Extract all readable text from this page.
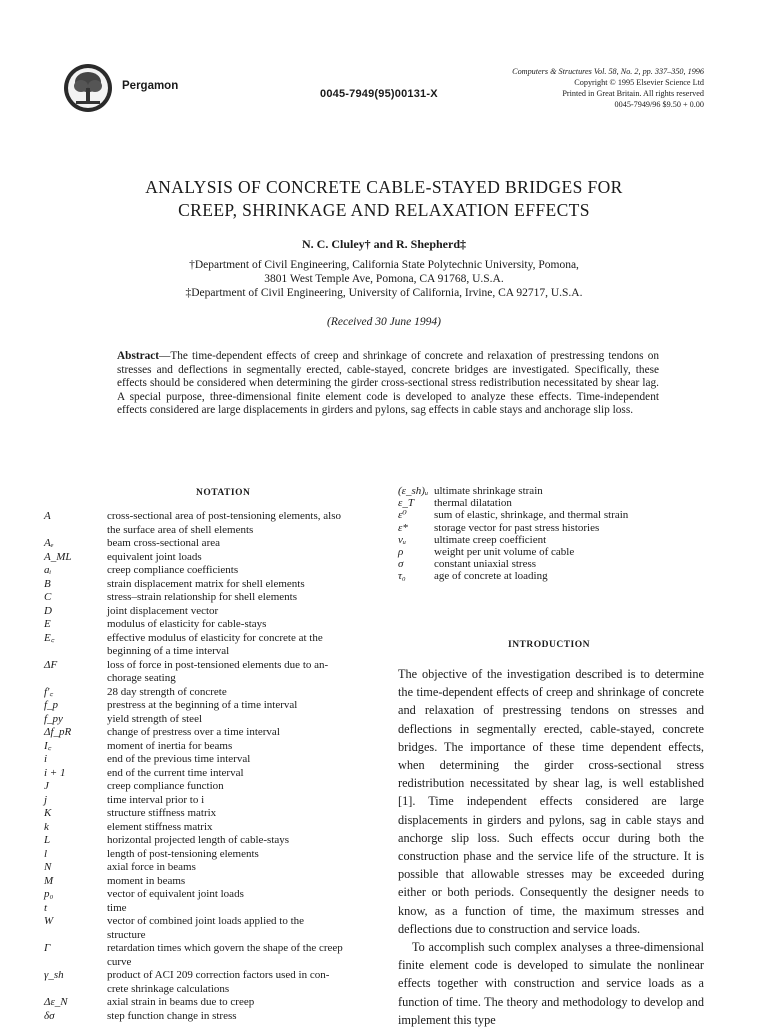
Pergamon
0045-7949(95)00131-X
Computers & Structures Vol. 58, No. 2, pp. 337–350, 1996
Copyright © 1995 Elsevier Science Ltd
Printed in Great Britain. All rights reserved
0045-7949/96 $9.50 + 0.00
ANALYSIS OF CONCRETE CABLE-STAYED BRIDGES FOR
CREEP, SHRINKAGE AND RELAXATION EFFECTS
N. C. Cluley† and R. Shepherd‡
†Department of Civil Engineering, California State Polytechnic University, Pomona,
3801 West Temple Ave, Pomona, CA 91768, U.S.A.
‡Department of Civil Engineering, University of California, Irvine, CA 92717, U.S.A.
(Received 30 June 1994)
Abstract—The time-dependent effects of creep and shrinkage of concrete and relaxation of prestressing tendons on stresses and deflections in segmentally erected, cable-stayed, concrete bridges are investigated. Specifically, these effects should be considered when determining the girder cross-sectional stress redistribution necessitated by shear lag. A special purpose, three-dimensional finite element code is developed to analyze these effects. Time-independent effects considered are large displacements in girders and pylons, sag effects in cable stays and anchorage slip loss.
NOTATION
A	cross-sectional area of post-tensioning elements, also
the surface area of shell elements
Aₑ	beam cross-sectional area
A_ML	equivalent joint loads
aᵢ	creep compliance coefficients
B	strain displacement matrix for shell elements
C	stress–strain relationship for shell elements
D	joint displacement vector
E	modulus of elasticity for cable-stays
E꜀	effective modulus of elasticity for concrete at the
beginning of a time interval
ΔF	loss of force in post-tensioned elements due to an-
chorage seating
f'꜀	28 day strength of concrete
f_p	prestress at the beginning of a time interval
f_py	yield strength of steel
Δf_pR	change of prestress over a time interval
I꜀	moment of inertia for beams
i	end of the previous time interval
i + 1	end of the current time interval
J	creep compliance function
j	time interval prior to i
K	structure stiffness matrix
k	element stiffness matrix
L	horizontal projected length of cable-stays
l	length of post-tensioning elements
N	axial force in beams
M	moment in beams
p₀	vector of equivalent joint loads
t	time
W	vector of combined joint loads applied to the
structure
Γ	retardation times which govern the shape of the creep
curve
γ_sh	product of ACI 209 correction factors used in con-
crete shrinkage calculations
Δε_N	axial strain in beams due to creep
δσ	step function change in stress
(ε_sh)ᵤ ultimate shrinkage strain
ε_T	thermal dilatation
ε⁰	sum of elastic, shrinkage, and thermal strain
ε*	storage vector for past stress histories
νᵤ	ultimate creep coefficient
ρ	weight per unit volume of cable
σ	constant uniaxial stress
τ₀	age of concrete at loading
INTRODUCTION

The objective of the investigation described is to determine the time-dependent effects of creep and shrinkage of concrete and relaxation of prestressing tendons on stresses and deflections in segmentally erected, cable-stayed, concrete bridges. The importance of these time dependent effects, when determining the girder cross-sectional stress redistribution necessitated by shear lag, is well established [1]. Time independent effects considered are large displacements in girders and pylons, sag in cable stays and anchorge slip loss. Such effects occur during both the construction phase and the service life of the structure. It is possible that allowable stresses may be exceeded during either or both periods. Consequently the designer needs to know, as a function of time, the maximum stresses and deflections due to construction and service loads.

To accomplish such complex analyses a three-dimensional finite element code is developed to simulate the nonlinear effects together with construction and service loads as a function of time. The theory and methodology to develop and implement this type
